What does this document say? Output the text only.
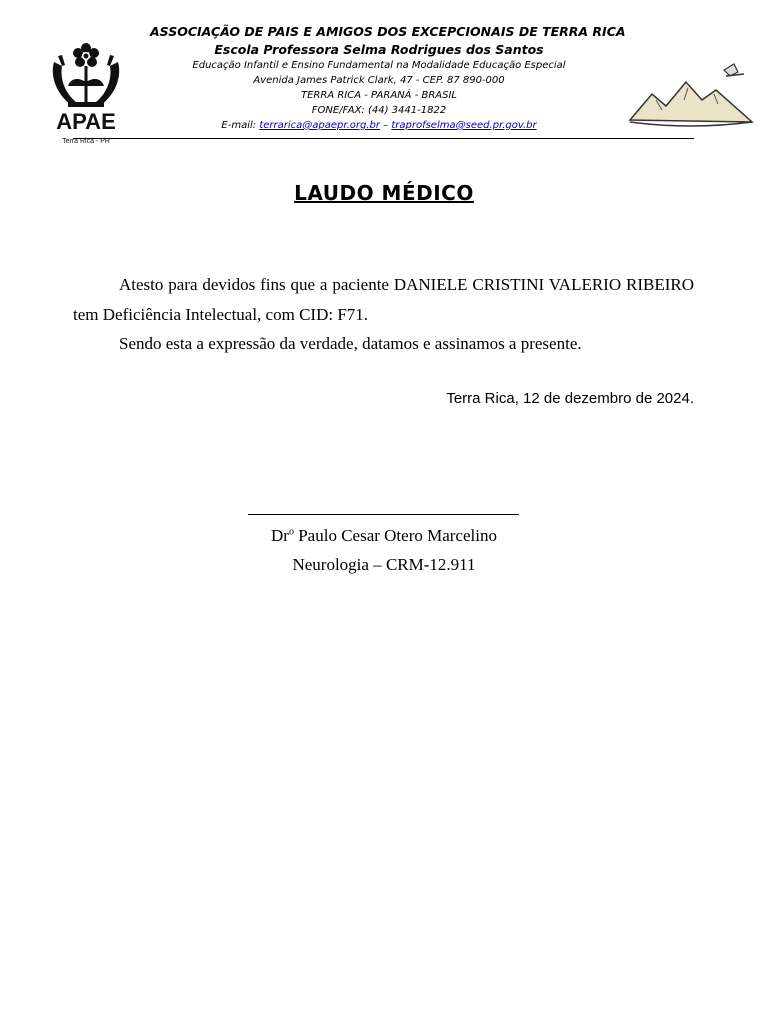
APAE
Terra Rica - PR
ASSOCIAÇÃO DE PAIS E AMIGOS DOS EXCEPCIONAIS DE TERRA RICA
Escola Professora Selma Rodrigues dos Santos
Educação Infantil e Ensino Fundamental na Modalidade Educação Especial
Avenida James Patrick Clark, 47 - CEP. 87 890-000
TERRA RICA - PARANÁ - BRASIL
FONE/FAX: (44) 3441-1822
E-mail: terrarica@apaepr.org.br – traprofselma@seed.pr.gov.br
LAUDO MÉDICO
Atesto para devidos fins que a paciente DANIELE CRISTINI VALERIO RIBEIRO tem Deficiência Intelectual, com CID: F71.
Sendo esta a expressão da verdade, datamos e assinamos a presente.
Terra Rica, 12 de dezembro de 2024.
Dr$^o$ Paulo Cesar Otero Marcelino
Neurologia – CRM-12.911
